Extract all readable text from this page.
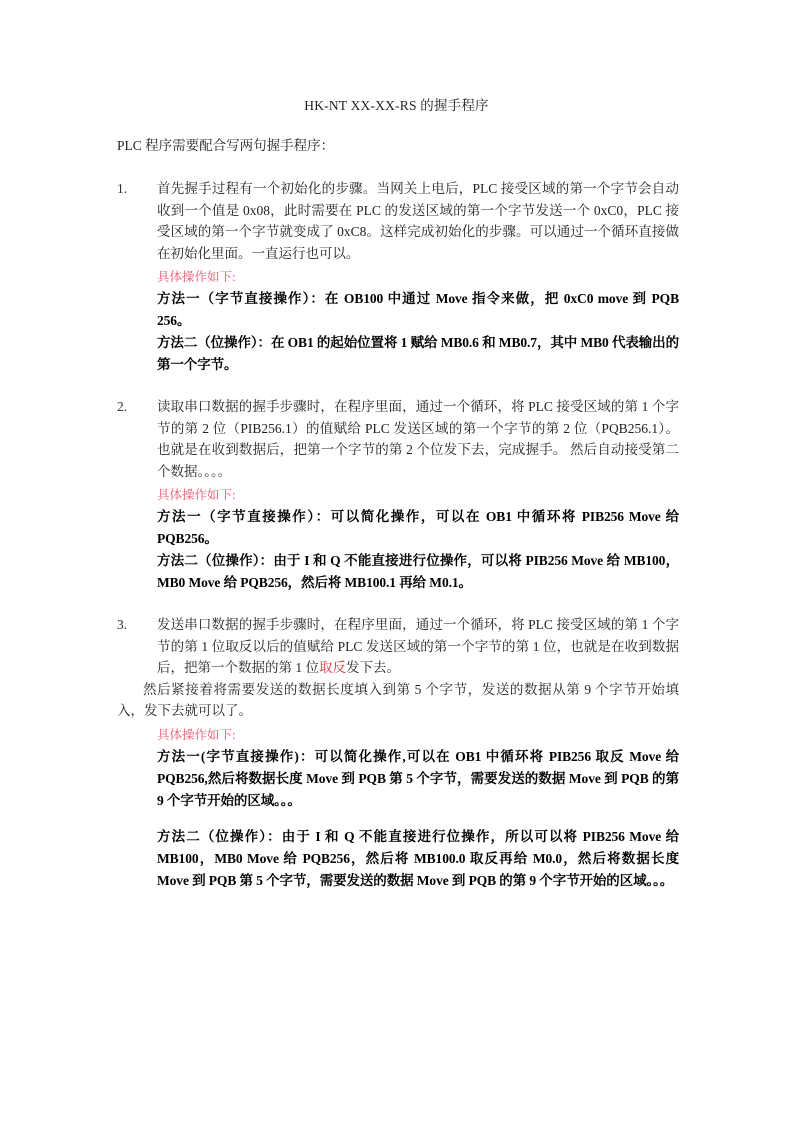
HK-NT XX-XX-RS 的握手程序

PLC 程序需要配合写两句握手程序：

首先握手过程有一个初始化的步骤。当网关上电后，PLC 接受区域的第一个字节会自动收到一个值是 0x08，此时需要在 PLC 的发送区域的第一个字节发送一个 0xC0，PLC 接受区域的第一个字节就变成了 0xC8。这样完成初始化的步骤。可以通过一个循环直接做在初始化里面。一直运行也可以。

具体操作如下:

方法一（字节直接操作）：在 OB100 中通过 Move 指令来做，把 0xC0 move 到 PQB 256。

方法二（位操作）：在 OB1 的起始位置将 1 赋给 MB0.6 和 MB0.7，其中 MB0 代表输出的第一个字节。

读取串口数据的握手步骤时，在程序里面，通过一个循环，将 PLC 接受区域的第 1 个字节的第 2 位（PIB256.1）的值赋给 PLC 发送区域的第一个字节的第 2 位（PQB256.1）。也就是在收到数据后，把第一个字节的第 2 个位发下去，完成握手。 然后自动接受第二个数据。。。。

具体操作如下:

方法一（字节直接操作）：可以简化操作，可以在 OB1 中循环将 PIB256 Move 给 PQB256。

方法二（位操作）：由于 I 和 Q 不能直接进行位操作，可以将 PIB256 Move 给 MB100，MB0 Move 给 PQB256，然后将 MB100.1 再给 M0.1。

发送串口数据的握手步骤时，在程序里面，通过一个循环，将 PLC 接受区域的第 1 个字节的第 1 位取反以后的值赋给 PLC 发送区域的第一个字节的第 1 位，也就是在收到数据后，把第一个数据的第 1 位取反发下去。

然后紧接着将需要发送的数据长度填入到第 5 个字节，发送的数据从第 9 个字节开始填入，发下去就可以了。

具体操作如下:

方法一(字节直接操作)：可以简化操作,可以在 OB1 中循环将 PIB256 取反 Move 给 PQB256,然后将数据长度 Move 到 PQB 第 5 个字节，需要发送的数据 Move 到 PQB 的第 9 个字节开始的区域。。。

方法二（位操作）：由于 I 和 Q 不能直接进行位操作，所以可以将 PIB256 Move 给 MB100，MB0 Move 给 PQB256，然后将 MB100.0 取反再给 M0.0，然后将数据长度 Move 到 PQB 第 5 个字节，需要发送的数据 Move 到 PQB 的第 9 个字节开始的区域。。。
